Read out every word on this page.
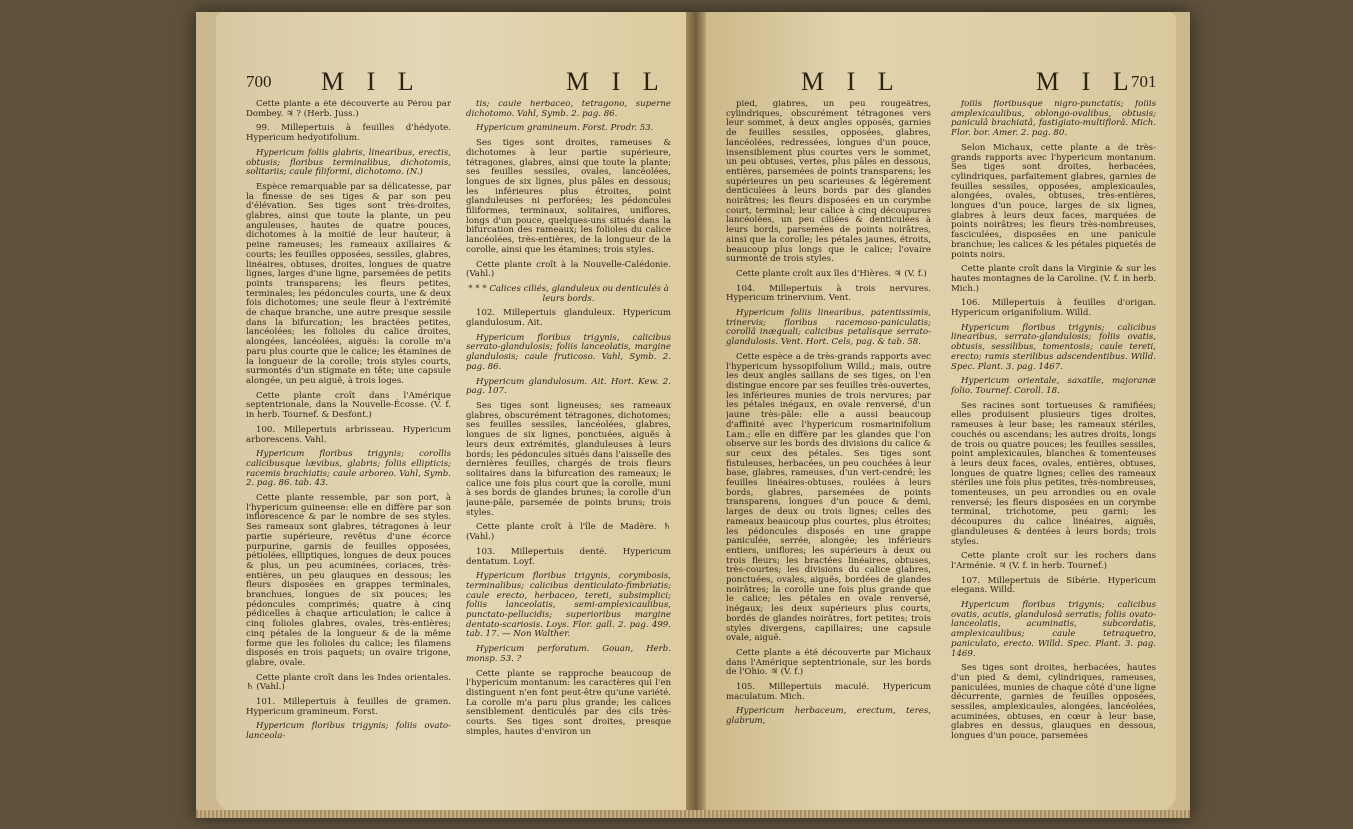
700 M I L	M I L

Cette plante a été découverte au Pérou par Dombey. ♃ ? (Herb. Juss.)

99. Millepertuis à feuilles d'hédyote. Hypericum hedyotifolium.

Hypericum foliis glabris, linearibus, erectis, obtusis; floribus terminalibus, dichotomis, solitariis; caule filiformi, dichotomo. (N.)

Espèce remarquable par sa délicatesse, par la finesse de ses tiges & par son peu d'élévation. Ses tiges sont très-droites, glabres, ainsi que toute la plante, un peu anguleuses, hautes de quatre pouces, dichotomes à la moitié de leur hauteur, à peine rameuses; les rameaux axillaires & courts; les feuilles opposées, sessiles, glabres, linéaires, obtuses, droites, longues de quatre lignes, larges d'une ligne, parsemées de petits points transparens; les fleurs petites, terminales; les pédoncules courts, une & deux fois dichotomes; une seule fleur à l'extrémité de chaque branche, une autre presque sessile dans la bifurcation; les bractées petites, lancéolées; les folioles du calice droites, alongées, lancéolées, aiguës: la corolle m'a paru plus courte que le calice; les étamines de la longueur de la corolle; trois styles courts, surmontés d'un stigmate en tête; une capsule alongée, un peu aiguë, à trois loges.

Cette plante croît dans l'Amérique septentrionale, dans la Nouvelle-Écosse. (V. f. in herb. Tournef. & Desfont.)

100. Millepertuis arbrisseau. Hypericum arborescens. Vahl.

Hypericum floribus trigynis; corollis calicibusque lævibus, glabris; foliis ellipticis; racemis brachiatis; caule arboreo. Vahl, Symb. 2. pag. 86. tab. 43.

Cette plante ressemble, par son port, à l'hypericum guineense: elle en diffère par son inflorescence & par le nombre de ses styles. Ses rameaux sont glabres, tétragones à leur partie supérieure, revêtus d'une écorce purpurine, garnis de feuilles opposées, pétiolées, elliptiques, longues de deux pouces & plus, un peu acuminées, coriaces, très-entières, un peu glauques en dessous; les fleurs disposées en grappes terminales, branchues, longues de six pouces; les pédoncules comprimés; quatre à cinq pédicelles à chaque articulation; le calice à cinq folioles glabres, ovales, très-entières; cinq pétales de la longueur & de la même forme que les folioles du calice; les filamens disposés en trois paquets; un ovaire trigone, glabre, ovale.

Cette plante croît dans les Indes orientales. ♄ (Vahl.)

101. Millepertuis à feuilles de gramen. Hypericum gramineum. Forst.

Hypericum floribus trigynis; foliis ovato-lanceola-

tis; caule herbaceo, tetragono, superne dichotomo. Vahl, Symb. 2. pag. 86.

Hypericum gramineum. Forst. Prodr. 53.

Ses tiges sont droites, rameuses & dichotomes à leur partie supérieure, tétragones, glabres, ainsi que toute la plante; ses feuilles sessiles, ovales, lancéolées, longues de six lignes, plus pâles en dessous; les inférieures plus étroites, point glanduleuses ni perforées; les pédoncules filiformes, terminaux, solitaires, uniflores, longs d'un pouce, quelques-uns situés dans la bifurcation des rameaux; les folioles du calice lancéolées, très-entières, de la longueur de la corolle, ainsi que les étamines; trois styles.

Cette plante croît à la Nouvelle-Calédonie. (Vahl.)

* * * Calices ciliés, glanduleux ou denticulés à leurs bords.

102. Millepertuis glanduleux. Hypericum glandulosum. Ait.

Hypericum floribus trigynis, calicibus serrato-glandulosis; foliis lanceolatis, margine glandulosis; caule fruticoso. Vahl, Symb. 2. pag. 86.

Hypericum glandulosum. Ait. Hort. Kew. 2. pag. 107.

Ses tiges sont ligneuses; ses rameaux glabres, obscurément tétragones, dichotomes; ses feuilles sessiles, lancéolées, glabres, longues de six lignes, ponctuées, aiguës à leurs deux extrémités, glanduleuses à leurs bords; les pédoncules situés dans l'aisselle des dernières feuilles, chargés de trois fleurs solitaires dans la bifurcation des rameaux; le calice une fois plus court que la corolle, muni à ses bords de glandes brunes; la corolle d'un jaune-pâle, parsemée de points bruns; trois styles.

Cette plante croît à l'île de Madère. ♄ (Vahl.)

103. Millepertuis denté. Hypericum dentatum. Loyf.

Hypericum floribus trigynis, corymbosis, terminalibus; calicibus denticulato-fimbriatis; caule erecto, herbaceo, tereti, subsimplici; foliis lanceolatis, semi-amplexicaulibus, punctato-pellucidis; superioribus margine dentato-scariosis. Loys. Flor. gall. 2. pag. 499. tab. 17. — Non Walther.

Hypericum perforatum. Gouan, Herb. monsp. 53. ?

Cette plante se rapproche beaucoup de l'hypericum montanum: les caractères qui l'en distinguent n'en font peut-être qu'une variété. La corolle m'a paru plus grande; les calices sensiblement denticulés par des cils très-courts. Ses tiges sont droites, presque simples, hautes d'environ un

M I L	M I L
701

pied, glabres, un peu rougeâtres, cylindriques, obscurément tétragones vers leur sommet, à deux angles opposés, garnies de feuilles sessiles, opposées, glabres, lancéolées, redressées, longues d'un pouce, insensiblement plus courtes vers le sommet, un peu obtuses, vertes, plus pâles en dessous, entières, parsemées de points transparens; les supérieures un peu scarieuses & légèrement denticulées à leurs bords par des glandes noirâtres; les fleurs disposées en un corymbe court, terminal; leur calice à cinq découpures lancéolées, un peu ciliées & denticulées à leurs bords, parsemées de points noirâtres, ainsi que la corolle; les pétales jaunes, étroits, beaucoup plus longs que le calice; l'ovaire surmonté de trois styles.

Cette plante croît aux îles d'Hières. ♃ (V. f.)

104. Millepertuis à trois nervures. Hypericum trinervium. Vent.

Hypericum foliis linearibus, patentissimis, trinervis; floribus racemoso-paniculatis; corollâ inæquali; calicibus petalisque serrato-glandulosis. Vent. Hort. Cels, pag. & tab. 58.

Cette espèce a de très-grands rapports avec l'hypericum hyssopifolium Willd.; mais, outre les deux angles saillans de ses tiges, on l'en distingue encore par ses feuilles très-ouvertes, les inférieures munies de trois nervures; par les pétales inégaux, en ovale renversé, d'un jaune très-pâle: elle a aussi beaucoup d'affinité avec l'hypericum rosmarinifolium Lam.; elle en diffère par les glandes que l'on observe sur les bords des divisions du calice & sur ceux des pétales. Ses tiges sont fistuleuses, herbacées, un peu couchées à leur base, glabres, rameuses, d'un vert-cendré; les feuilles linéaires-obtuses, roulées à leurs bords, glabres, parsemées de points transparens, longues d'un pouce & demi, larges de deux ou trois lignes; celles des rameaux beaucoup plus courtes, plus étroites; les pédoncules disposés en une grappe paniculée, serrée, alongée; les inférieurs entiers, uniflores; les supérieurs à deux ou trois fleurs; les bractées linéaires, obtuses, très-courtes; les divisions du calice glabres, ponctuées, ovales, aiguës, bordées de glandes noirâtres; la corolle une fois plus grande que le calice; les pétales en ovale renversé, inégaux; les deux supérieurs plus courts, bordés de glandes noirâtres, fort petites; trois styles divergens, capillaires; une capsule ovale, aiguë.

Cette plante a été découverte par Michaux dans l'Amérique septentrionale, sur les bords de l'Ohio. ♃ (V. f.)

105. Millepertuis maculé. Hypericum maculatum. Mich.

Hypericum herbaceum, erectum, teres, glabrum,

foliis floribusque nigro-punctatis; foliis amplexicaulibus, oblongo-ovalibus, obtusis; paniculâ brachiatâ, fastigiato-multiflorâ. Mich. Flor. bor. Amer. 2. pag. 80.

Selon Michaux, cette plante a de très-grands rapports avec l'hypericum montanum. Ses tiges sont droites, herbacées, cylindriques, parfaitement glabres, garnies de feuilles sessiles, opposées, amplexicaules, alongées, ovales, obtuses, très-entières, longues d'un pouce, larges de six lignes, glabres à leurs deux faces, marquées de points noirâtres; les fleurs très-nombreuses, fasciculées, disposées en une panicule branchue; les calices & les pétales piquetés de points noirs.

Cette plante croît dans la Virginie & sur les hautes montagnes de la Caroline. (V. f. in herb. Mich.)

106. Millepertuis à feuilles d'origan. Hypericum origanifolium. Willd.

Hypericum floribus trigynis; calicibus linearibus, serrato-glandulosis; foliis ovatis, obtusis, sessilibus, tomentosis; caule tereti, erecto; ramis sterilibus adscendentibus. Willd. Spec. Plant. 3. pag. 1467.

Hypericum orientale, saxatile, majoranæ folio. Tournef. Coroll. 18.

Ses racines sont tortueuses & ramifiées; elles produisent plusieurs tiges droites, rameuses à leur base; les rameaux stériles, couchés ou ascendans; les autres droits, longs de trois ou quatre pouces; les feuilles sessiles, point amplexicaules, blanches & tomenteuses à leurs deux faces, ovales, entières, obtuses, longues de quatre lignes; celles des rameaux stériles une fois plus petites, très-nombreuses, tomenteuses, un peu arrondies ou en ovale renversé; les fleurs disposées en un corymbe terminal, trichotome, peu garni; les découpures du calice linéaires, aiguës, glanduleuses & dentées à leurs bords; trois styles.

Cette plante croît sur les rochers dans l'Arménie. ♃ (V. f. in herb. Tournef.)

107. Millepertuis de Sibérie. Hypericum elegans. Willd.

Hypericum floribus trigynis; calicibus ovatis, acutis, glandulosâ serratis; foliis ovato-lanceolatis, acuminatis, subcordatis, amplexicaulibus; caule tetraquetro, paniculato, erecto. Willd. Spec. Plant. 3. pag. 1469.

Ses tiges sont droites, herbacées, hautes d'un pied & demi, cylindriques, rameuses, paniculées, munies de chaque côté d'une ligne décurrente, garnies de feuilles opposées, sessiles, amplexicaules, alongées, lancéolées, acuminées, obtuses, en cœur à leur base, glabres en dessus, glauques en dessous, longues d'un pouce, parsemées
